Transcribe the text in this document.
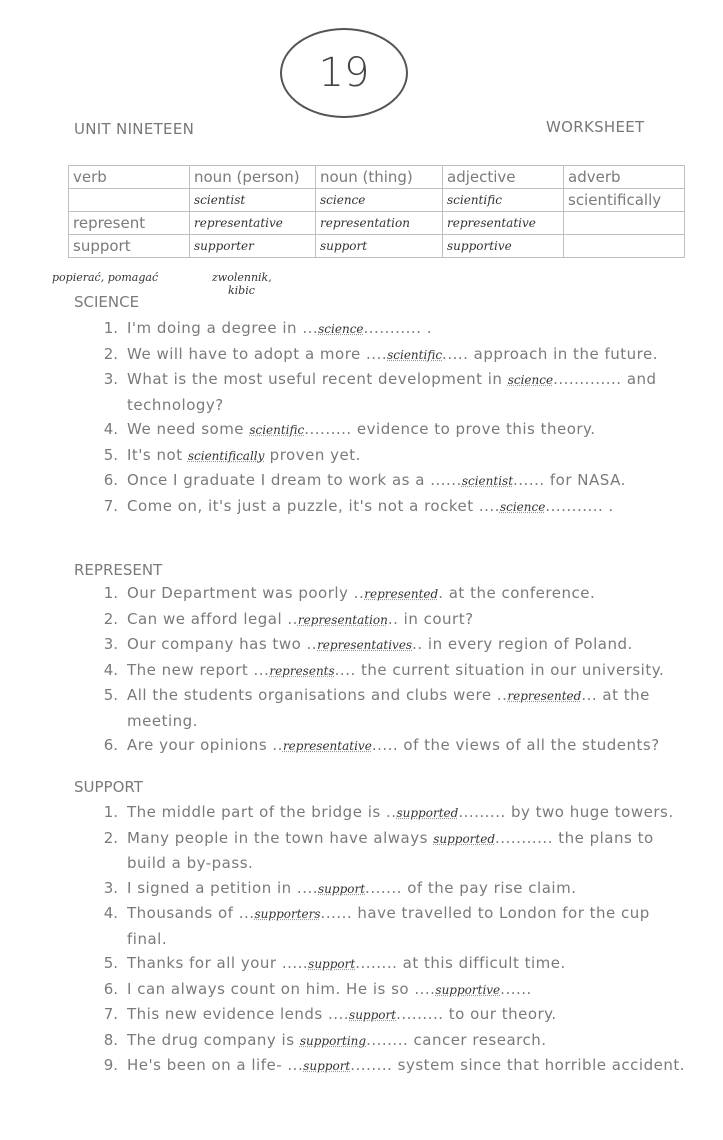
19
UNIT NINETEEN	WORKSHEET
verb	noun (person)	noun (thing)	adjective	adverb
	scientist	science	scientific	scientifically
represent	representative	representation	representative	
support	supporter	support	supportive	
popierać, pomagać	zwolennik,
kibic
SCIENCE
1. I'm doing a degree in ...science........... .
2. We will have to adopt a more ....scientific..... approach in the future.
3. What is the most useful recent development in science............. and technology?
4. We need some scientific......... evidence to prove this theory.
5. It's not scientifically proven yet.
6. Once I graduate I dream to work as a ......scientist...... for NASA.
7. Come on, it's just a puzzle, it's not a rocket ....science........... .
REPRESENT
1. Our Department was poorly ..represented. at the conference.
2. Can we afford legal ..representation.. in court?
3. Our company has two ..representatives.. in every region of Poland.
4. The new report ...represents.... the current situation in our university.
5. All the students organisations and clubs were ..represented... at the meeting.
6. Are your opinions ..representative..... of the views of all the students?
SUPPORT
1. The middle part of the bridge is ..supported......... by two huge towers.
2. Many people in the town have always supported........... the plans to build a by-pass.
3. I signed a petition in ....support....... of the pay rise claim.
4. Thousands of ...supporters...... have travelled to London for the cup final.
5. Thanks for all your .....support........ at this difficult time.
6. I can always count on him. He is so ....supportive......
7. This new evidence lends ....support......... to our theory.
8. The drug company is supporting........ cancer research.
9. He's been on a life- ...support........ system since that horrible accident.
